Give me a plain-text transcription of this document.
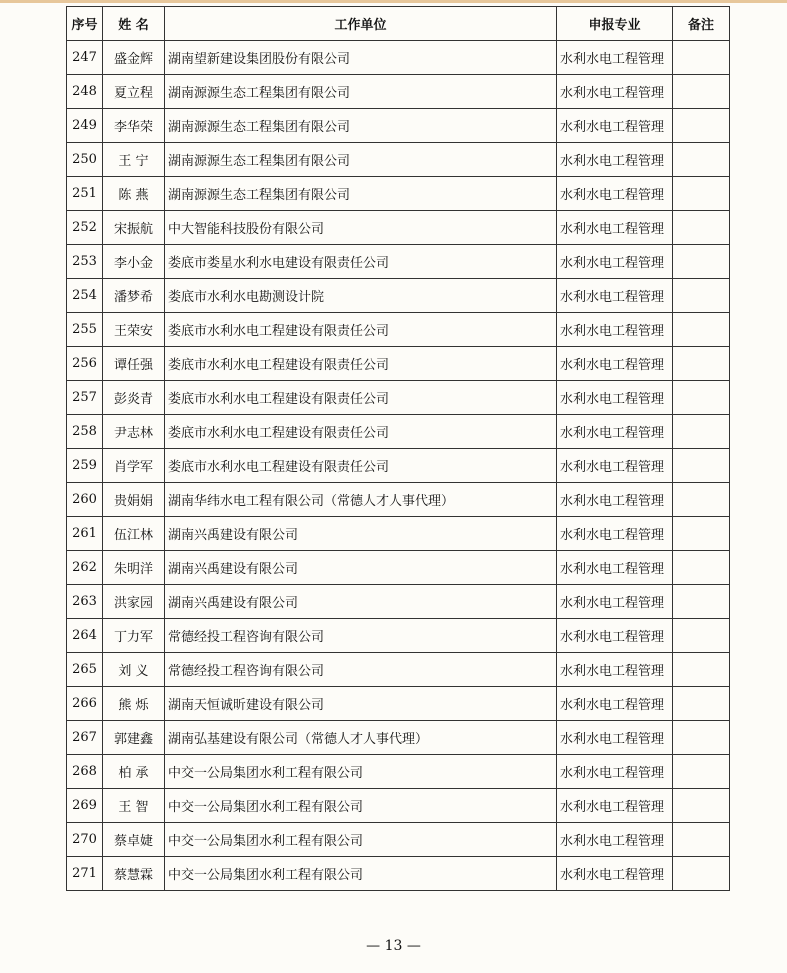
序号	姓 名	工作单位	申报专业	备注
247	盛金辉	湖南望新建设集团股份有限公司	水利水电工程管理	
248	夏立程	湖南源源生态工程集团有限公司	水利水电工程管理	
249	李华荣	湖南源源生态工程集团有限公司	水利水电工程管理	
250	王 宁	湖南源源生态工程集团有限公司	水利水电工程管理	
251	陈 燕	湖南源源生态工程集团有限公司	水利水电工程管理	
252	宋振航	中大智能科技股份有限公司	水利水电工程管理	
253	李小金	娄底市娄星水利水电建设有限责任公司	水利水电工程管理	
254	潘梦希	娄底市水利水电勘测设计院	水利水电工程管理	
255	王荣安	娄底市水利水电工程建设有限责任公司	水利水电工程管理	
256	谭任强	娄底市水利水电工程建设有限责任公司	水利水电工程管理	
257	彭炎青	娄底市水利水电工程建设有限责任公司	水利水电工程管理	
258	尹志林	娄底市水利水电工程建设有限责任公司	水利水电工程管理	
259	肖学军	娄底市水利水电工程建设有限责任公司	水利水电工程管理	
260	贵娟娟	湖南华纬水电工程有限公司（常德人才人事代理）	水利水电工程管理	
261	伍江林	湖南兴禹建设有限公司	水利水电工程管理	
262	朱明洋	湖南兴禹建设有限公司	水利水电工程管理	
263	洪家园	湖南兴禹建设有限公司	水利水电工程管理	
264	丁力军	常德经投工程咨询有限公司	水利水电工程管理	
265	刘 义	常德经投工程咨询有限公司	水利水电工程管理	
266	熊 烁	湖南天恒诚昕建设有限公司	水利水电工程管理	
267	郭建鑫	湖南弘基建设有限公司（常德人才人事代理）	水利水电工程管理	
268	柏 承	中交一公局集团水利工程有限公司	水利水电工程管理	
269	王 智	中交一公局集团水利工程有限公司	水利水电工程管理	
270	蔡卓婕	中交一公局集团水利工程有限公司	水利水电工程管理	
271	蔡慧霖	中交一公局集团水利工程有限公司	水利水电工程管理	
— 13 —
